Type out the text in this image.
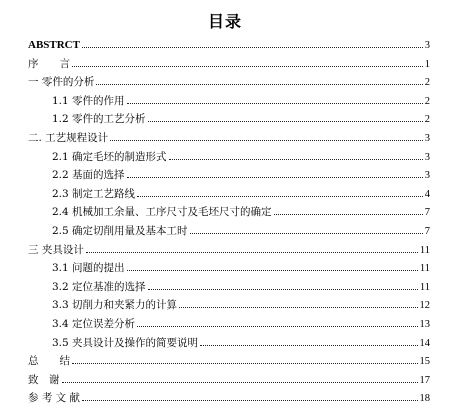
目录
ABSTRCT	3
序　　言	1
一 零件的分析	2
1.1 零件的作用	2
1.2 零件的工艺分析	2
二. 工艺规程设计	3
2.1 确定毛坯的制造形式	3
2.2 基面的选择	3
2.3 制定工艺路线	4
2.4 机械加工余量、工序尺寸及毛坯尺寸的确定	7
2.5 确定切削用量及基本工时	7
三 夹具设计	11
3.1 问题的提出	11
3.2 定位基准的选择	11
3.3 切削力和夹紧力的计算	12
3.4 定位误差分析	13
3.5 夹具设计及操作的简要说明	14
总　　结	15
致　谢	17
参 考 文 献	18
